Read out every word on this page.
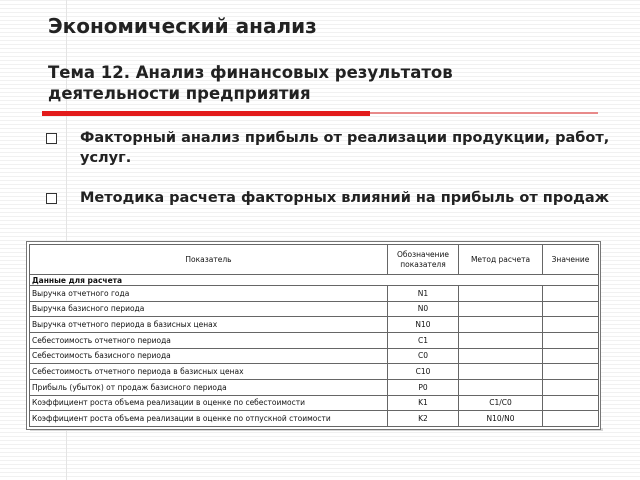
Экономический анализ
Тема 12. Анализ финансовых результатов деятельности предприятия
Факторный анализ прибыль от реализации продукции, работ, услуг.
Методика расчета факторных влияний на прибыль от продаж
Показатель	Обозначение показателя	Метод расчета	Значение
Данные для расчета			
Выручка отчетного года	N1		
Выручка базисного периода	N0		
Выручка отчетного периода в базисных ценах	N10		
Себестоимость отчетного периода	C1		
Себестоимость базисного периода	C0		
Себестоимость отчетного периода в базисных ценах	C10		
Прибыль (убыток) от продаж базисного периода	P0		
Коэффициент роста объема реализации в оценке по себестоимости	K1	C1/C0	
Коэффициент роста объема реализации в оценке по отпускной стоимости	K2	N10/N0	
